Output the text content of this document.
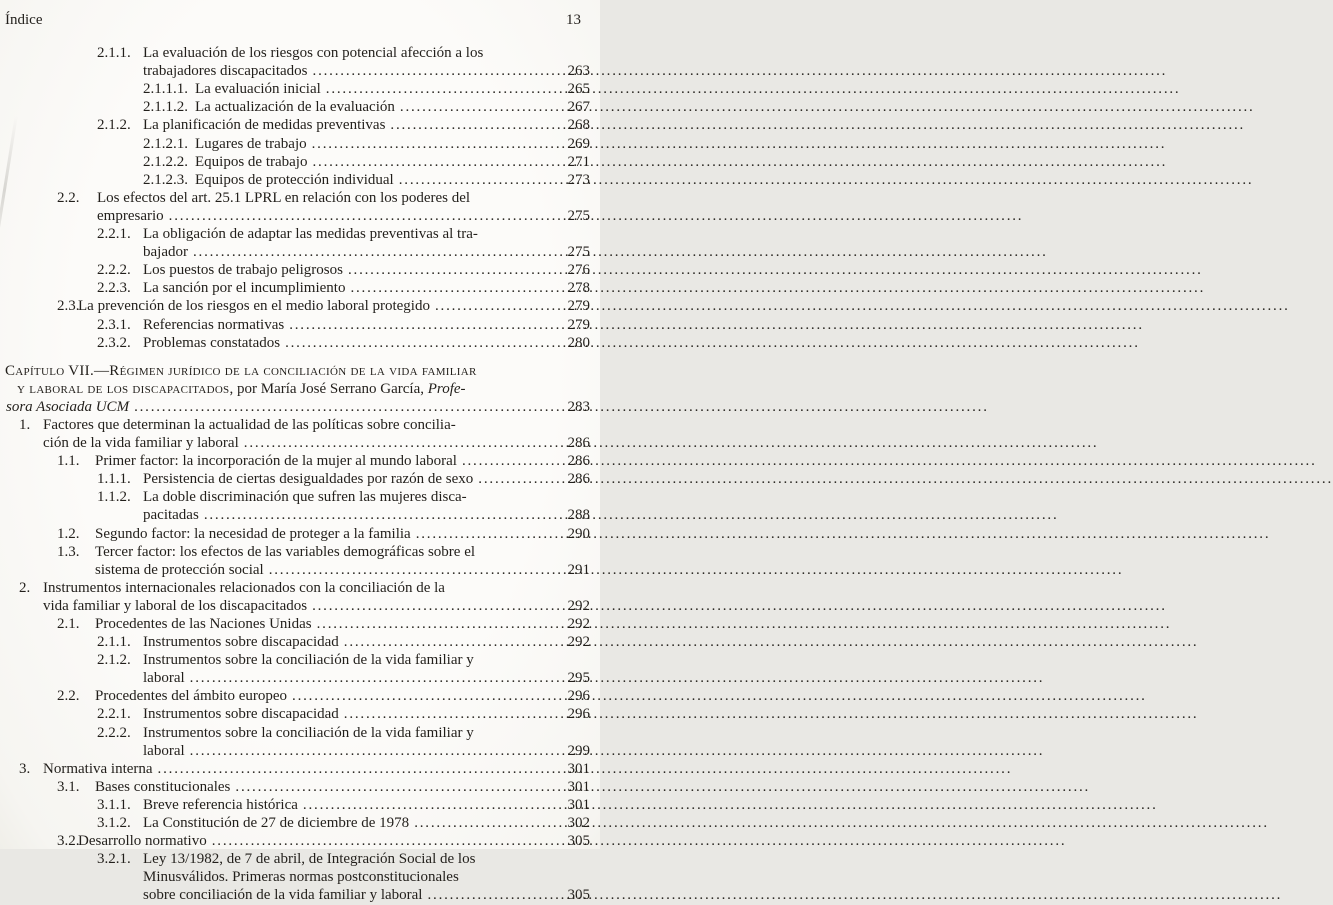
Índice	13
2.1.1. La evaluación de los riesgos con potencial afección a los
trabajadores discapacitados .....	263
2.1.1.1. La evaluación inicial .....	265
2.1.1.2. La actualización de la evaluación .....	267
2.1.2. La planificación de medidas preventivas .....	268
2.1.2.1. Lugares de trabajo .....	269
2.1.2.2. Equipos de trabajo .....	271
2.1.2.3. Equipos de protección individual .....	273
2.2.	Los efectos del art. 25.1 LPRL en relación con los poderes del
empresario .....	275
2.2.1. La obligación de adaptar las medidas preventivas al tra-
bajador .....	275
2.2.2. Los puestos de trabajo peligrosos .....	276
2.2.3. La sanción por el incumplimiento .....	278
2.3.
La prevención de los riesgos en el medio laboral protegido .....	279
2.3.1. Referencias normativas .....	279
2.3.2. Problemas constatados .....	280
Capítulo VII.—Régimen jurídico de la conciliación de la vida familiar
y laboral de los discapacitados, por María José Serrano García, Profe-
sora Asociada UCM .....	283
1. Factores que determinan la actualidad de las políticas sobre concilia-
ción de la vida familiar y laboral .....	286
1.1.	Primer factor: la incorporación de la mujer al mundo laboral .....	286
1.1.1. Persistencia de ciertas desigualdades por razón de sexo .....	286
1.1.2. La doble discriminación que sufren las mujeres disca-
pacitadas .....	288
1.2.	Segundo factor: la necesidad de proteger a la familia .....	290
1.3.	Tercer factor: los efectos de las variables demográficas sobre el
sistema de protección social .....	291
2. Instrumentos internacionales relacionados con la conciliación de la
vida familiar y laboral de los discapacitados .....	292
2.1.	Procedentes de las Naciones Unidas .....	292
2.1.1. Instrumentos sobre discapacidad .....	292
2.1.2. Instrumentos sobre la conciliación de la vida familiar y
laboral .....	295
2.2.	Procedentes del ámbito europeo .....	296
2.2.1. Instrumentos sobre discapacidad .....	296
2.2.2. Instrumentos sobre la conciliación de la vida familiar y
laboral .....	299
3. Normativa interna .....	301
3.1.	Bases constitucionales .....	301
3.1.1. Breve referencia histórica .....	301
3.1.2. La Constitución de 27 de diciembre de 1978 .....	302
3.2.
Desarrollo normativo .....	305
3.2.1. Ley 13/1982, de 7 de abril, de Integración Social de los
Minusválidos. Primeras normas postconstitucionales
sobre conciliación de la vida familiar y laboral .....	305
